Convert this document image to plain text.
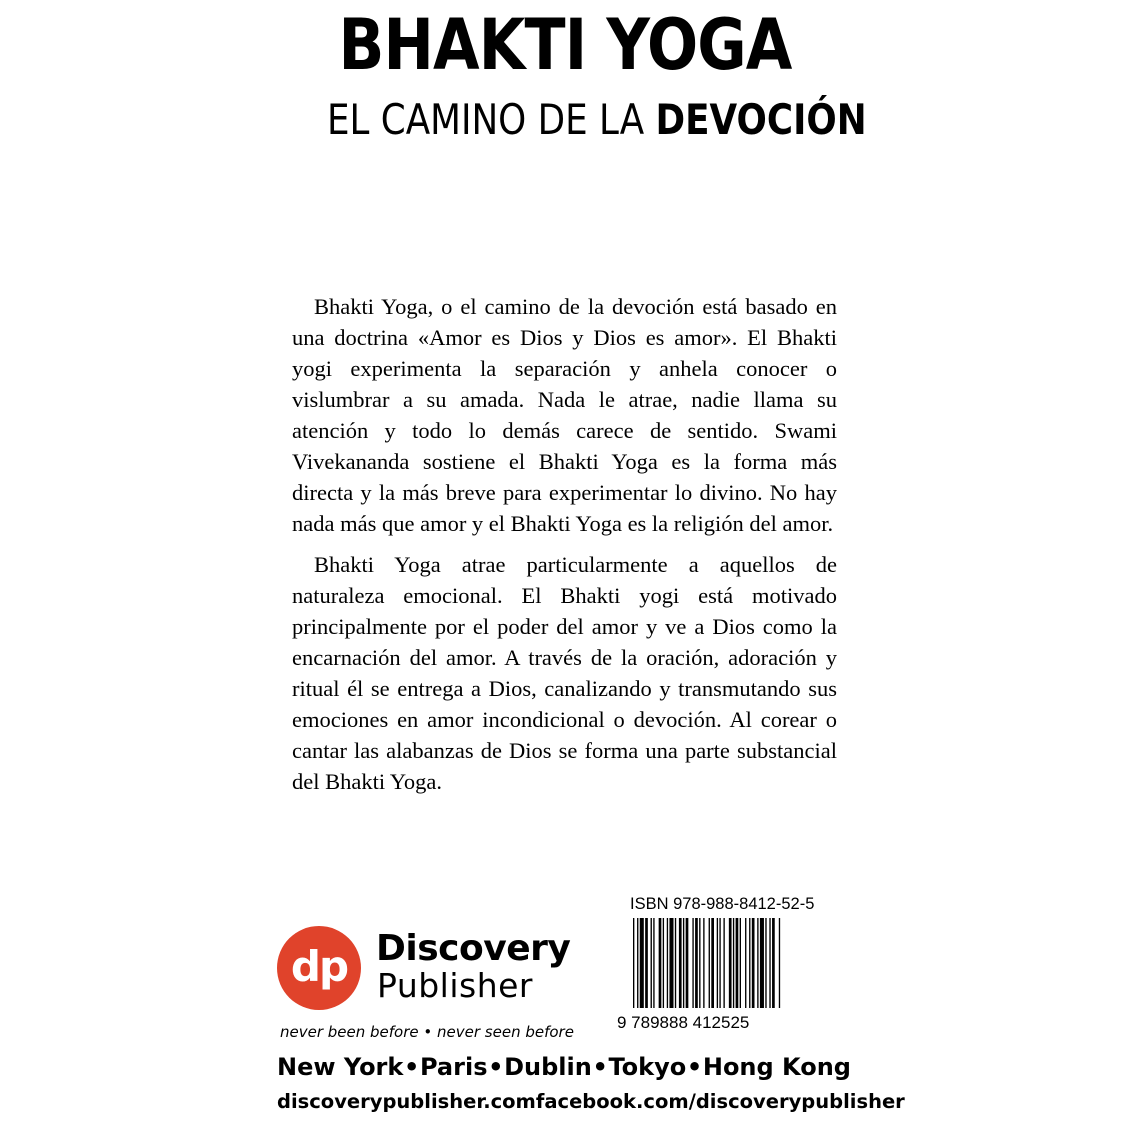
BHAKTI YOGA
EL CAMINO DE LA DEVOCIÓN

Bhakti Yoga, o el camino de la devoción está basado en una doctrina «Amor es Dios y Dios es amor». El Bhakti yogi experimenta la separación y anhela conocer o vislumbrar a su amada. Nada le atrae, nadie llama su atención y todo lo demás carece de sentido. Swami Vivekananda sostiene el Bhakti Yoga es la forma más directa y la más breve para experimentar lo divino. No hay nada más que amor y el Bhakti Yoga es la religión del amor.

Bhakti Yoga atrae particularmente a aquellos de naturaleza emocional. El Bhakti yogi está motivado principalmente por el poder del amor y ve a Dios como la encarnación del amor. A través de la oración, adoración y ritual él se entrega a Dios, canalizando y transmutando sus emociones en amor incondicional o devoción. Al corear o cantar las alabanzas de Dios se forma una parte substancial del Bhakti Yoga.

ISBN 978-988-8412-52-5
9 789888 412525
dp Discovery
Publisher
never been before • never seen before
New York • Paris • Dublin • Tokyo • Hong Kong
discoverypublisher.com facebook.com/discoverypublisher
